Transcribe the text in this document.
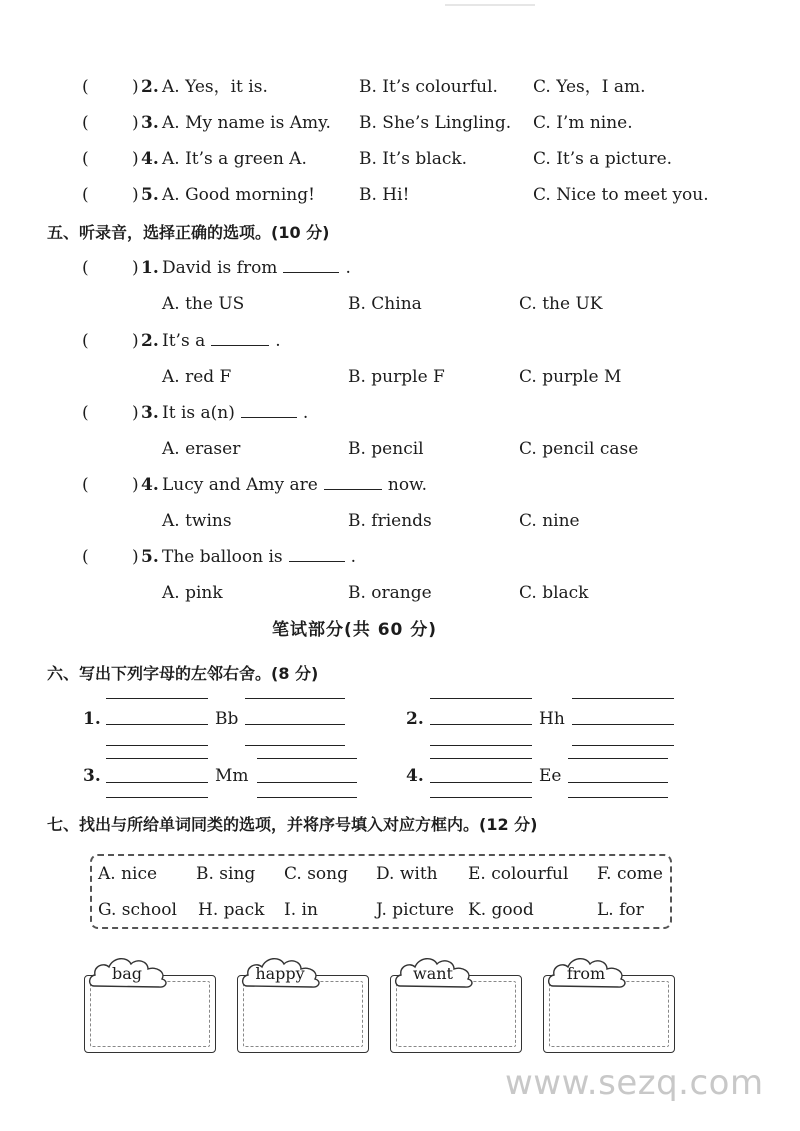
(	) 2. A. Yes，it is.	B. It’s colourful. C. Yes，I am.
(	) 3. A. My name is Amy. B. She’s Lingling. C. I’m nine.
(	) 4. A. It’s a green A.	B. It’s black.	C. It’s a picture.
(	) 5. A. Good morning!	B. Hi!	C. Nice to meet you.
五、听录音，选择正确的选项。(10 分)
(	) 1. David is from	.
A. the US	B. China	C. the UK
(	) 2. It’s a	.
A. red F	B. purple F	C. purple M
(	) 3. It is a(n)	.
A. eraser	B. pencil	C. pencil case
(	) 4. Lucy and Amy are	now.
A. twins	B. friends	C. nine
(	) 5. The balloon is	.
A. pink	B. orange	C. black
笔试部分(共 60 分)
六、写出下列字母的左邻右舍。(8 分)
1.	Bb	2.	Hh
3.	Mm	4.	Ee
七、找出与所给单词同类的选项，并将序号填入对应方框内。(12 分)
A. nice B. sing C. song D. with E. colourful F. come
G. school H. pack I. in	J. picture K. good	L. for
bag	happy	want	from
www.sezq.com
